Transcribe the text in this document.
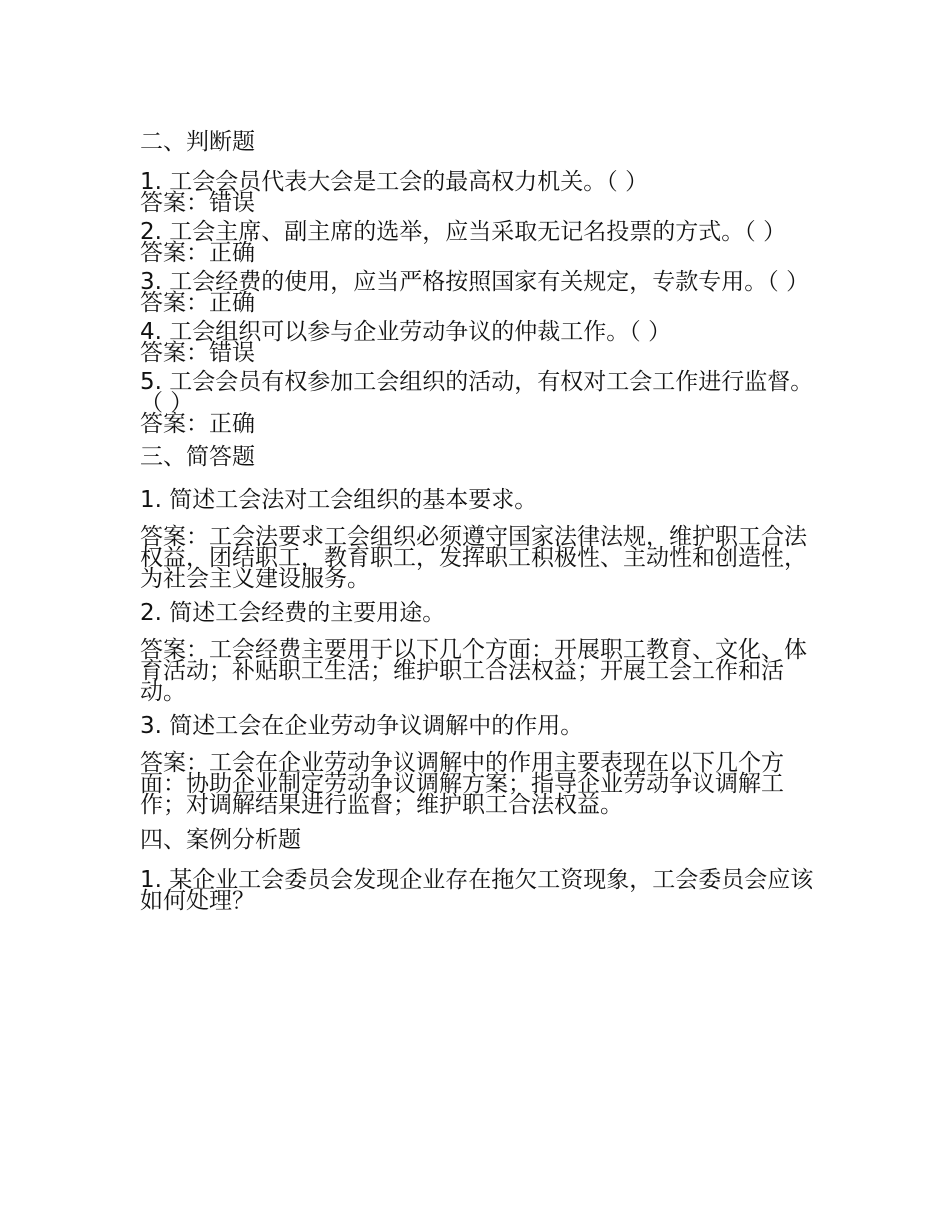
二、判断题
1. 工会会员代表大会是工会的最高权力机关。（ ）
答案：错误
2. 工会主席、副主席的选举，应当采取无记名投票的方式。（ ）
答案：正确
3. 工会经费的使用，应当严格按照国家有关规定，专款专用。（ ）
答案：正确
4. 工会组织可以参与企业劳动争议的仲裁工作。（ ）
答案：错误
5. 工会会员有权参加工会组织的活动，有权对工会工作进行监督。（ ）
答案：正确
三、简答题
1. 简述工会法对工会组织的基本要求。
答案：工会法要求工会组织必须遵守国家法律法规，维护职工合法权益，团结职工，教育职工，发挥职工积极性、主动性和创造性，为社会主义建设服务。
2. 简述工会经费的主要用途。
答案：工会经费主要用于以下几个方面：开展职工教育、文化、体育活动；补贴职工生活；维护职工合法权益；开展工会工作和活动。
3. 简述工会在企业劳动争议调解中的作用。
答案：工会在企业劳动争议调解中的作用主要表现在以下几个方面：协助企业制定劳动争议调解方案；指导企业劳动争议调解工作；对调解结果进行监督；维护职工合法权益。
四、案例分析题
1. 某企业工会委员会发现企业存在拖欠工资现象，工会委员会应该如何处理？
